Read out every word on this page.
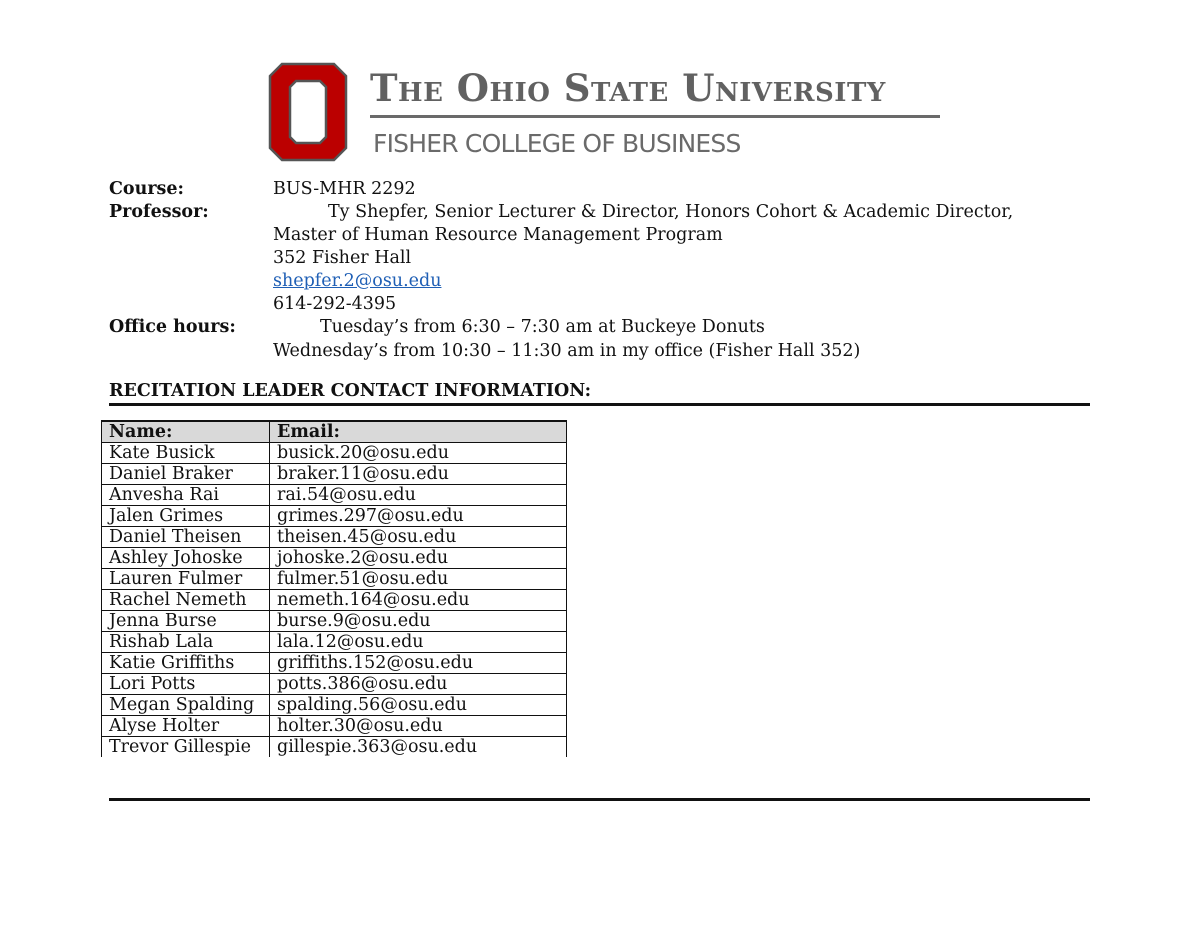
The Ohio State University
FISHER COLLEGE OF BUSINESS
Course:	BUS-MHR 2292
Professor:	Ty Shepfer, Senior Lecturer & Director, Honors Cohort & Academic Director,
Master of Human Resource Management Program
352 Fisher Hall
shepfer.2@osu.edu
614-292-4395
Office hours:	Tuesday’s from 6:30 – 7:30 am at Buckeye Donuts
Wednesday’s from 10:30 – 11:30 am in my office (Fisher Hall 352)
RECITATION LEADER CONTACT INFORMATION:
Name:	Email:
Kate Busick	busick.20@osu.edu
Daniel Braker	braker.11@osu.edu
Anvesha Rai	rai.54@osu.edu
Jalen Grimes	grimes.297@osu.edu
Daniel Theisen	theisen.45@osu.edu
Ashley Johoske	johoske.2@osu.edu
Lauren Fulmer	fulmer.51@osu.edu
Rachel Nemeth	nemeth.164@osu.edu
Jenna Burse	burse.9@osu.edu
Rishab Lala	lala.12@osu.edu
Katie Griffiths	griffiths.152@osu.edu
Lori Potts	potts.386@osu.edu
Megan Spalding	spalding.56@osu.edu
Alyse Holter	holter.30@osu.edu
Trevor Gillespie	gillespie.363@osu.edu
